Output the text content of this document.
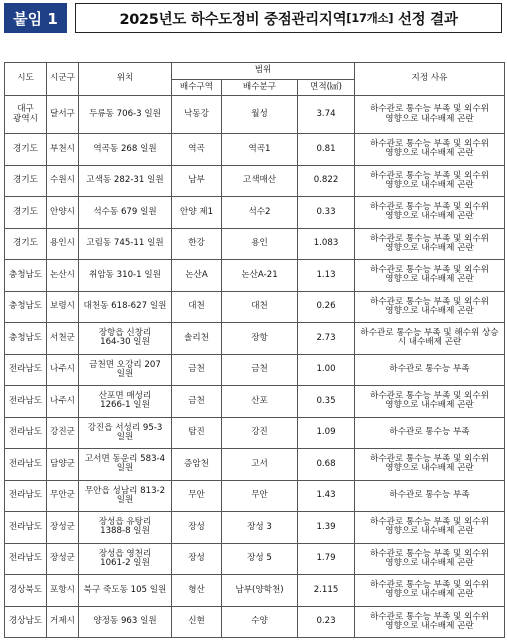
붙임 1	2025년도 하수도정비 중점관리지역 [17개소] 선정 결과
시도	시군구	위치	범위			지정 사유
			배수구역	배수분구	면적(㎢)	
대구
광역시	달서구	두류동 706-3 일원	낙동강	월성	3.74	하수관로 통수능 부족 및 외수위
영향으로 내수배제 곤란
경기도	부천시	역곡동 268 일원	역곡	역곡1	0.81	하수관로 통수능 부족 및 외수위
영향으로 내수배제 곤란
경기도	수원시	고색동 282-31 일원	남부	고색매산	0.822	하수관로 통수능 부족 및 외수위
영향으로 내수배제 곤란
경기도	안양시	석수동 679 일원	안양 제1	석수2	0.33	하수관로 통수능 부족 및 외수위
영향으로 내수배제 곤란
경기도	용인시	고림동 745-11 일원	한강	용인	1.083	하수관로 통수능 부족 및 외수위
영향으로 내수배제 곤란
충청남도	논산시	취암동 310-1 일원	논산A	논산A-21	1.13	하수관로 통수능 부족 및 외수위
영향으로 내수배제 곤란
충청남도	보령시	대천동 618-627 일원	대천	대천	0.26	하수관로 통수능 부족 및 외수위
영향으로 내수배제 곤란
충청남도	서천군	장항읍 신창리
164-30 일원	솔리천	장항	2.73	하수관로 통수능 부족 및 해수위 상승
시 내수배제 곤란
전라남도	나주시	금천면 오강리 207
일원	금천	금천	1.00	하수관로 통수능 부족
전라남도	나주시	산포면 매성리
1266-1 일원	금천	산포	0.35	하수관로 통수능 부족 및 외수위
영향으로 내수배제 곤란
전라남도	강진군	강진읍 서성리 95-3
일원	탐진	강진	1.09	하수관로 통수능 부족
전라남도	담양군	고서면 동운리 583-4
일원	증암천	고서	0.68	하수관로 통수능 부족 및 외수위
영향으로 내수배제 곤란
전라남도	무안군	무안읍 성남리 813-2
일원	무안	무안	1.43	하수관로 통수능 부족
전라남도	장성군	장성읍 유탕리
1388-8 일원	장성	장성 3	1.39	하수관로 통수능 부족 및 외수위
영향으로 내수배제 곤란
전라남도	장성군	장성읍 영천리
1061-2 일원	장성	장성 5	1.79	하수관로 통수능 부족 및 외수위
영향으로 내수배제 곤란
경상북도	포항시	북구 죽도동 105 일원	형산	남부(양학천)	2.115	하수관로 통수능 부족 및 외수위
영향으로 내수배제 곤란
경상남도	거제시	양정동 963 일원	신현	수양	0.23	하수관로 통수능 부족 및 외수위
영향으로 내수배제 곤란
